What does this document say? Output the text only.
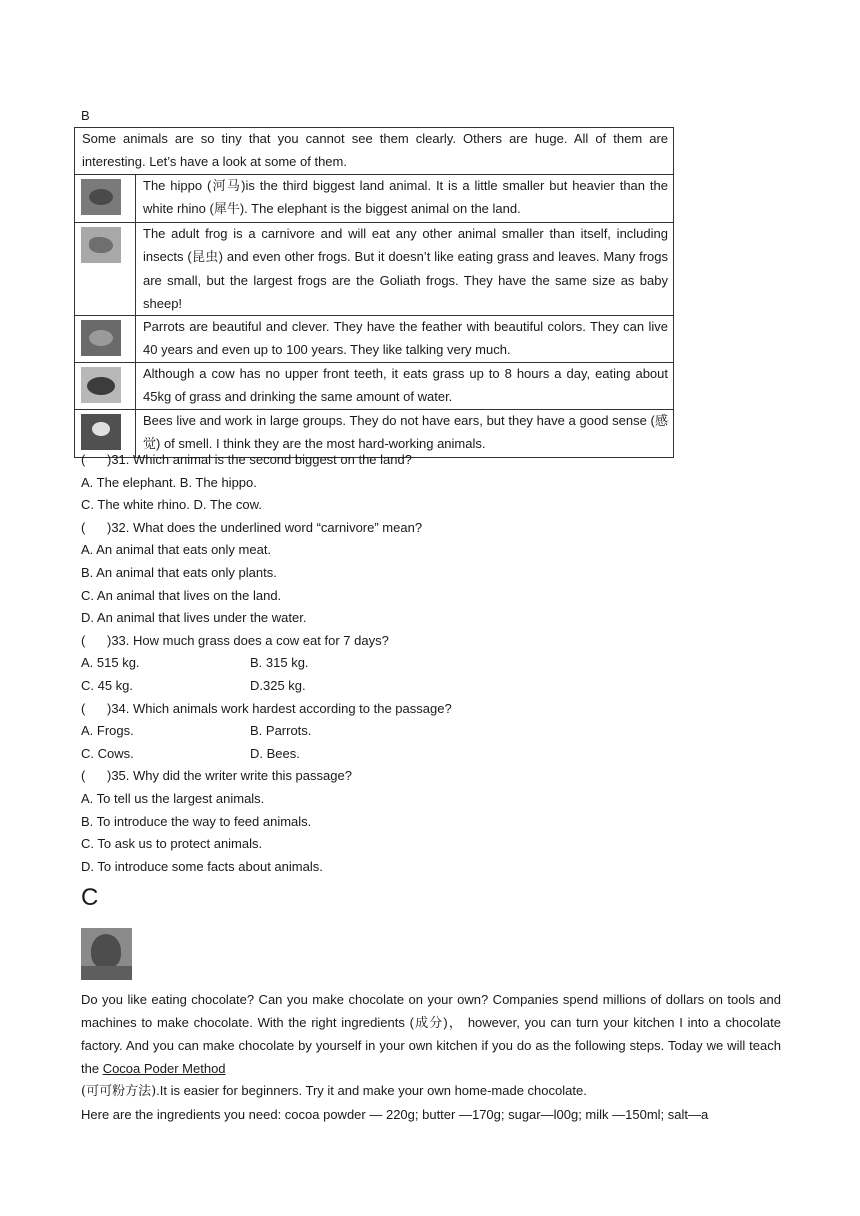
B
Some animals are so tiny that you cannot see them clearly. Others are huge. All of them are interesting. Let’s have a look at some of them.	

	The hippo (河马)is the third biggest land animal. It is a little smaller but heavier than the white rhino (犀牛). The elephant is the biggest animal on the land.

	The adult frog is a carnivore and will eat any other animal smaller than itself, including insects (昆虫) and even other frogs. But it doesn’t like eating grass and leaves. Many frogs are small, but the largest frogs are the Goliath frogs. They have the same size as baby sheep!

	Parrots are beautiful and clever. They have the feather with beautiful colors. They can live 40 years and even up to 100 years. They like talking very much.

	Although a cow has no upper front teeth, it eats grass up to 8 hours a day, eating about 45kg of grass and drinking the same amount of water.

	Bees live and work in large groups. They do not have ears, but they have a good sense (感觉) of smell. I think they are the most hard-working animals.
(      )31. Which animal is the second biggest on the land?
A. The elephant. B. The hippo.
C. The white rhino. D. The cow.
(      )32. What does the underlined word “carnivore” mean?
A. An animal that eats only meat.
B. An animal that eats only plants.
C. An animal that lives on the land.
D. An animal that lives under the water.
(      )33. How much grass does a cow eat for 7 days?
A. 515 kg.	B. 315 kg.
C. 45 kg.	D.325 kg.
(      )34. Which animals work hardest according to the passage?
A. Frogs.	B. Parrots.
C. Cows.	D. Bees.
(      )35. Why did the writer write this passage?
A. To tell us the largest animals.
B. To introduce the way to feed animals.
C. To ask us to protect animals.
D. To introduce some facts about animals.
C

Do you like eating chocolate? Can you make chocolate on your own? Companies spend millions of dollars on tools and machines to make chocolate. With the right ingredients (成分)， however, you can turn your kitchen I into a chocolate factory. And you can make chocolate by yourself in your own kitchen if you do as the following steps. Today we will teach the Cocoa Poder Method

(可可粉方法).It is easier for beginners. Try it and make your own home-made chocolate.

Here are the ingredients you need: cocoa powder — 220g; butter —170g; sugar—l00g; milk —150ml; salt—a
